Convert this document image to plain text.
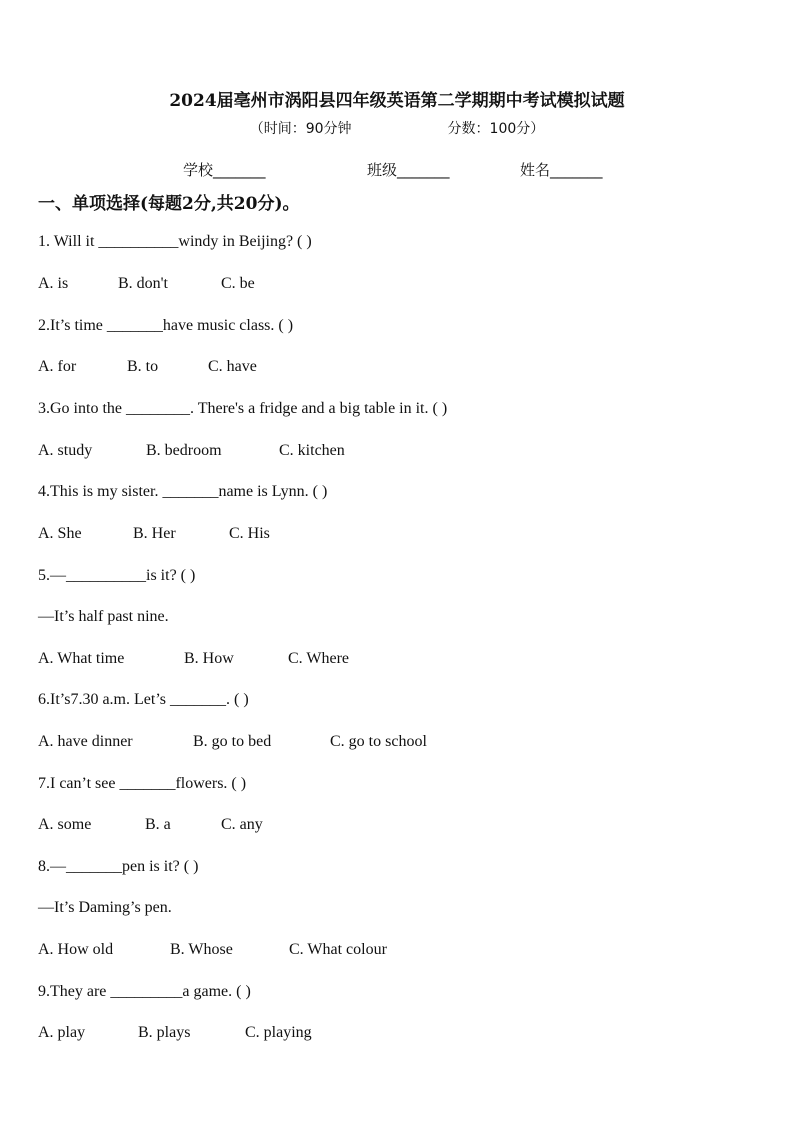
2024届亳州市涡阳县四年级英语第二学期期中考试模拟试题
（时间：90分钟	分数：100分）
学校_______	班级_______	姓名_______
一、单项选择(每题2分,共20分)。
1. Will it __________windy in Beijing? ( )
A. is	B. don't	C. be
2.It’s time _______have music class. ( )
A. for	B. to	C. have
3.Go into the ________. There's a fridge and a big table in it. ( )
A. study	B. bedroom	C. kitchen
4.This is my sister. _______name is Lynn. ( )
A. She	B. Her	C. His
5.—__________is it? ( )
—It’s half past nine.
A. What time	B. How	C. Where
6.It’s7.30 a.m. Let’s _______. ( )
A. have dinner	B. go to bed	C. go to school
7.I can’t see _______flowers. ( )
A. some	B. a	C. any
8.—_______pen is it? ( )
—It’s Daming’s pen.
A. How old	B. Whose	C. What colour
9.They are _________a game. ( )
A. play	B. plays	C. playing
